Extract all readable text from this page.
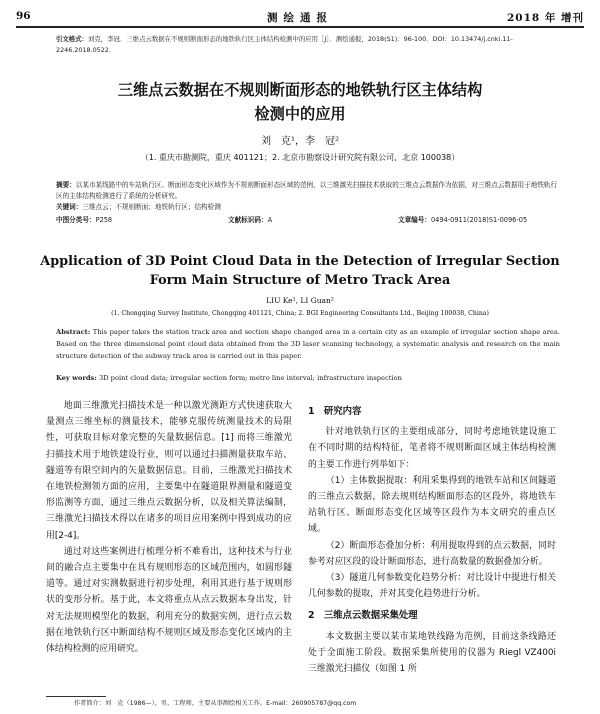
96	测绘通报	2018 年 增刊
引文格式：刘克，李冠．三维点云数据在不规则断面形态的地铁轨行区主体结构检测中的应用［J］．测绘通报，2018(S1)：96-100．DOI：10.13474/j.cnki.11-2246.2018.0522．
三维点云数据在不规则断面形态的地铁轨行区主体结构
检测中的应用
刘　克¹，李　冠²
（1. 重庆市勘测院，重庆 401121；2. 北京市勘察设计研究院有限公司，北京 100038）
摘要：以某市某线路中的车站轨行区、断面形态变化区域作为不规则断面形态区域的范例，以三维激光扫描技术获取的三维点云数据作为依据，对三维点云数据用于地铁轨行区的主体结构检测进行了系统的分析研究。
关键词：三维点云；不规则断面；地铁轨行区；结构检测
中图分类号：P258	文献标识码：A	文章编号：0494-0911(2018)S1-0096-05
Application of 3D Point Cloud Data in the Detection of Irregular Section
Form Main Structure of Metro Track Area
LIU Ke¹, LI Guan²
(1. Chongqing Survey Institute, Chongqing 401121, China; 2. BGI Engineering Consultants Ltd., Beijing 100038, China)
Abstract: This paper takes the station track area and section shape changed area in a certain city as an example of irregular section shape area. Based on the three dimensional point cloud data obtained from the 3D laser scanning technology, a systematic analysis and research on the main structure detection of the subway track area is carried out in this paper.
Key words: 3D point cloud data; irregular section form; metro line interval; infrastructure inspection

地面三维激光扫描技术是一种以激光测距方式快速获取大量测点三维坐标的测量技术，能够克服传统测量技术的局限性，可获取目标对象完整的矢量数据信息。[1] 而将三维激光扫描技术用于地铁建设行业，则可以通过扫描测量获取车站、隧道等有限空间内的矢量数据信息。目前，三维激光扫描技术在地铁检测领方面的应用，主要集中在隧道限界测量和隧道变形监测等方面，通过三维点云数据分析，以及相关算法编制，三维激光扫描技术得以在诸多的项目应用案例中得到成功的应用[2-4]。

通过对这些案例进行梳理分析不难看出，这种技术与行业间的融合点主要集中在具有规则形态的区域范围内，如圆形隧道等。通过对实测数据进行初步处理，利用其进行基于规则形状的变形分析。基于此，本文将重点从点云数据本身出发，针对无法规则模型化的数据，利用充分的数据实例，进行点云数据在地铁轨行区中断面结构不规则区域及形态变化区域内的主体结构检测的应用研究。

1　研究内容

针对地铁轨行区的主要组成部分，同时考虑地铁建设施工在不同时期的结构特征，笔者将不规则断面区域主体结构检测的主要工作进行列举如下：

（1）主体数据提取：利用采集得到的地铁车站和区间隧道的三维点云数据，除去规则结构断面形态的区段外，将地铁车站轨行区、断面形态变化区域等区段作为本文研究的重点区域。

（2）断面形态叠加分析：利用提取得到的点云数据，同时参考对应区段的设计断面形态，进行高数量的数据叠加分析。

（3）隧道几何参数变化趋势分析：对比设计中提进行相关几何参数的提取，并对其变化趋势进行分析。

2　三维点云数据采集处理

本文数据主要以某市某地铁线路为范例，目前这条线路还处于全面施工阶段。数据采集所使用的仪器为 Riegl VZ400i 三维激光扫描仪（如图 1 所

作者简介：刘　克（1986—），男，工程师，主要从事测绘相关工作。E-mail：260905787@qq.com
